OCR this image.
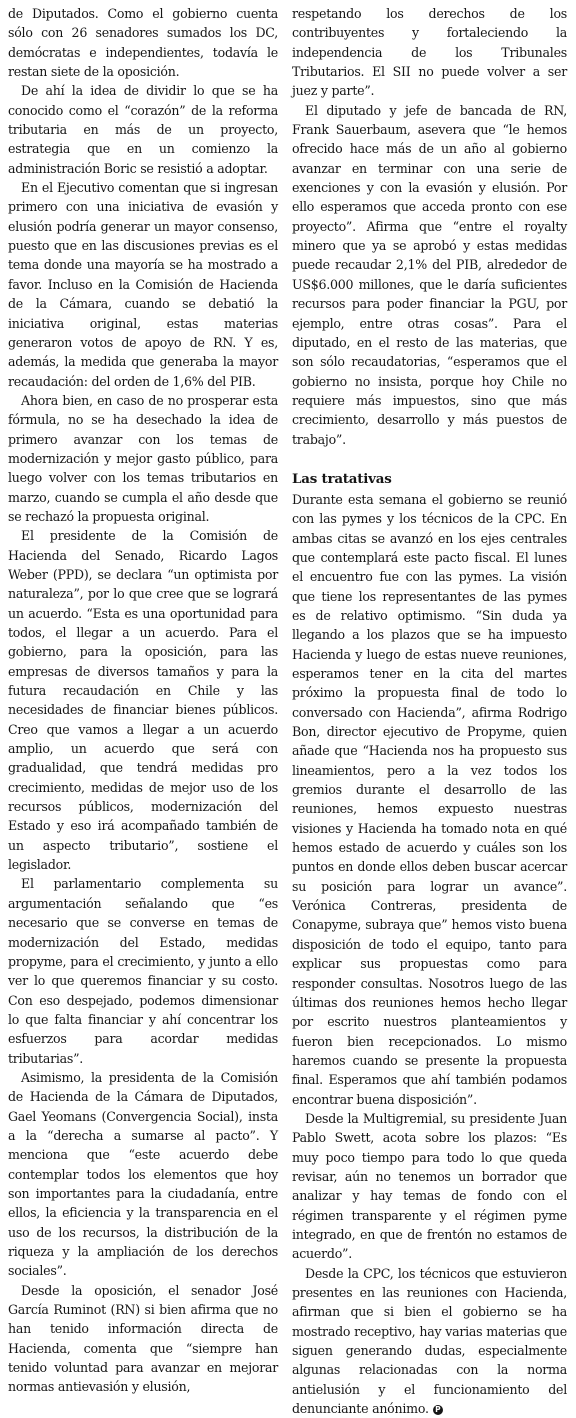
de Diputados. Como el gobierno cuenta sólo con 26 senadores sumados los DC, demócratas e independientes, todavía le restan siete de la oposición.

De ahí la idea de dividir lo que se ha conocido como el “corazón” de la reforma tributaria en más de un proyecto, estrategia que en un comienzo la administración Boric se resistió a adoptar.

En el Ejecutivo comentan que si ingresan primero con una iniciativa de evasión y elusión podría generar un mayor consenso, puesto que en las discusiones previas es el tema donde una mayoría se ha mostrado a favor. Incluso en la Comisión de Hacienda de la Cámara, cuando se debatió la iniciativa original, estas materias generaron votos de apoyo de RN. Y es, además, la medida que generaba la mayor recaudación: del orden de 1,6% del PIB.

Ahora bien, en caso de no prosperar esta fórmula, no se ha desechado la idea de primero avanzar con los temas de modernización y mejor gasto público, para luego volver con los temas tributarios en marzo, cuando se cumpla el año desde que se rechazó la propuesta original.

El presidente de la Comisión de Hacienda del Senado, Ricardo Lagos Weber (PPD), se declara “un optimista por naturaleza”, por lo que cree que se logrará un acuerdo. “Esta es una oportunidad para todos, el llegar a un acuerdo. Para el gobierno, para la oposición, para las empresas de diversos tamaños y para la futura recaudación en Chile y las necesidades de financiar bienes públicos. Creo que vamos a llegar a un acuerdo amplio, un acuerdo que será con gradualidad, que tendrá medidas pro crecimiento, medidas de mejor uso de los recursos públicos, modernización del Estado y eso irá acompañado también de un aspecto tributario”, sostiene el legislador.

El parlamentario complementa su argumentación señalando que “es necesario que se converse en temas de modernización del Estado, medidas propyme, para el crecimiento, y junto a ello ver lo que queremos financiar y su costo. Con eso despejado, podemos dimensionar lo que falta financiar y ahí concentrar los esfuerzos para acordar medidas tributarias”.

Asimismo, la presidenta de la Comisión de Hacienda de la Cámara de Diputados, Gael Yeomans (Convergencia Social), insta a la “derecha a sumarse al pacto”. Y menciona que “este acuerdo debe contemplar todos los elementos que hoy son importantes para la ciudadanía, entre ellos, la eficiencia y la transparencia en el uso de los recursos, la distribución de la riqueza y la ampliación de los derechos sociales”.

Desde la oposición, el senador José García Ruminot (RN) si bien afirma que no han tenido información directa de Hacienda, comenta que “siempre han tenido voluntad para avanzar en mejorar normas antievasión y elusión,

respetando los derechos de los contribuyentes y fortaleciendo la independencia de los Tribunales Tributarios. El SII no puede volver a ser juez y parte”.

El diputado y jefe de bancada de RN, Frank Sauerbaum, asevera que “le hemos ofrecido hace más de un año al gobierno avanzar en terminar con una serie de exenciones y con la evasión y elusión. Por ello esperamos que acceda pronto con ese proyecto”. Afirma que “entre el royalty minero que ya se aprobó y estas medidas puede recaudar 2,1% del PIB, alrededor de US$6.000 millones, que le daría suficientes recursos para poder financiar la PGU, por ejemplo, entre otras cosas”. Para el diputado, en el resto de las materias, que son sólo recaudatorias, “esperamos que el gobierno no insista, porque hoy Chile no requiere más impuestos, sino que más crecimiento, desarrollo y más puestos de trabajo”.

Las tratativas

Durante esta semana el gobierno se reunió con las pymes y los técnicos de la CPC. En ambas citas se avanzó en los ejes centrales que contemplará este pacto fiscal. El lunes el encuentro fue con las pymes. La visión que tiene los representantes de las pymes es de relativo optimismo. “Sin duda ya llegando a los plazos que se ha impuesto Hacienda y luego de estas nueve reuniones, esperamos tener en la cita del martes próximo la propuesta final de todo lo conversado con Hacienda”, afirma Rodrigo Bon, director ejecutivo de Propyme, quien añade que “Hacienda nos ha propuesto sus lineamientos, pero a la vez todos los gremios durante el desarrollo de las reuniones, hemos expuesto nuestras visiones y Hacienda ha tomado nota en qué hemos estado de acuerdo y cuáles son los puntos en donde ellos deben buscar acercar su posición para lograr un avance”. Verónica Contreras, presidenta de Conapyme, subraya que” hemos visto buena disposición de todo el equipo, tanto para explicar sus propuestas como para responder consultas. Nosotros luego de las últimas dos reuniones hemos hecho llegar por escrito nuestros planteamientos y fueron bien recepcionados. Lo mismo haremos cuando se presente la propuesta final. Esperamos que ahí también podamos encontrar buena disposición”.

Desde la Multigremial, su presidente Juan Pablo Swett, acota sobre los plazos: “Es muy poco tiempo para todo lo que queda revisar, aún no tenemos un borrador que analizar y hay temas de fondo con el régimen transparente y el régimen pyme integrado, en que de frentón no estamos de acuerdo”.

Desde la CPC, los técnicos que estuvieron presentes en las reuniones con Hacienda, afirman que si bien el gobierno se ha mostrado receptivo, hay varias materias que siguen generando dudas, especialmente algunas relacionadas con la norma antielusión y el funcionamiento del denunciante anónimo. P
